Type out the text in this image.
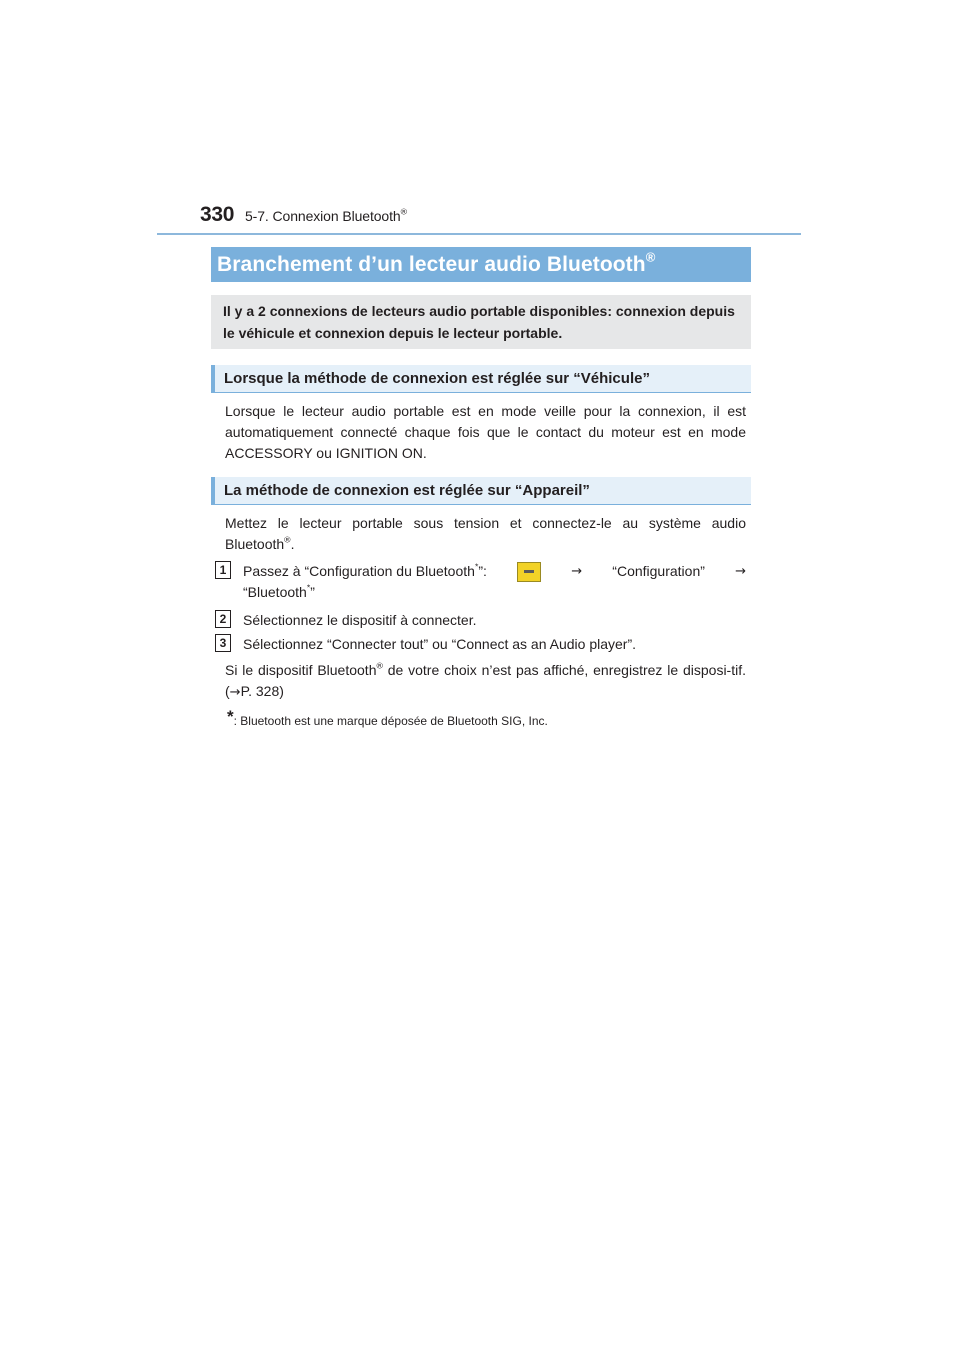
330 5-7. Connexion Bluetooth®
Branchement d’un lecteur audio Bluetooth®
Il y a 2 connexions de lecteurs audio portable disponibles: connexion depuis le véhicule et connexion depuis le lecteur portable.
Lorsque la méthode de connexion est réglée sur “Véhicule”
Lorsque le lecteur audio portable est en mode veille pour la connexion, il est automatiquement connecté chaque fois que le contact du moteur est en mode ACCESSORY ou IGNITION ON.
La méthode de connexion est réglée sur “Appareil”
Mettez le lecteur portable sous tension et connectez-le au système audio Bluetooth®.
1	Passez à “Configuration du Bluetooth*”:	→ “Configuration” →
“Bluetooth*”
2	Sélectionnez le dispositif à connecter.
3	Sélectionnez “Connecter tout” ou “Connect as an Audio player”.
Si le dispositif Bluetooth® de votre choix n’est pas affiché, enregistrez le disposi-tif. (→P. 328)
*: Bluetooth est une marque déposée de Bluetooth SIG, Inc.
